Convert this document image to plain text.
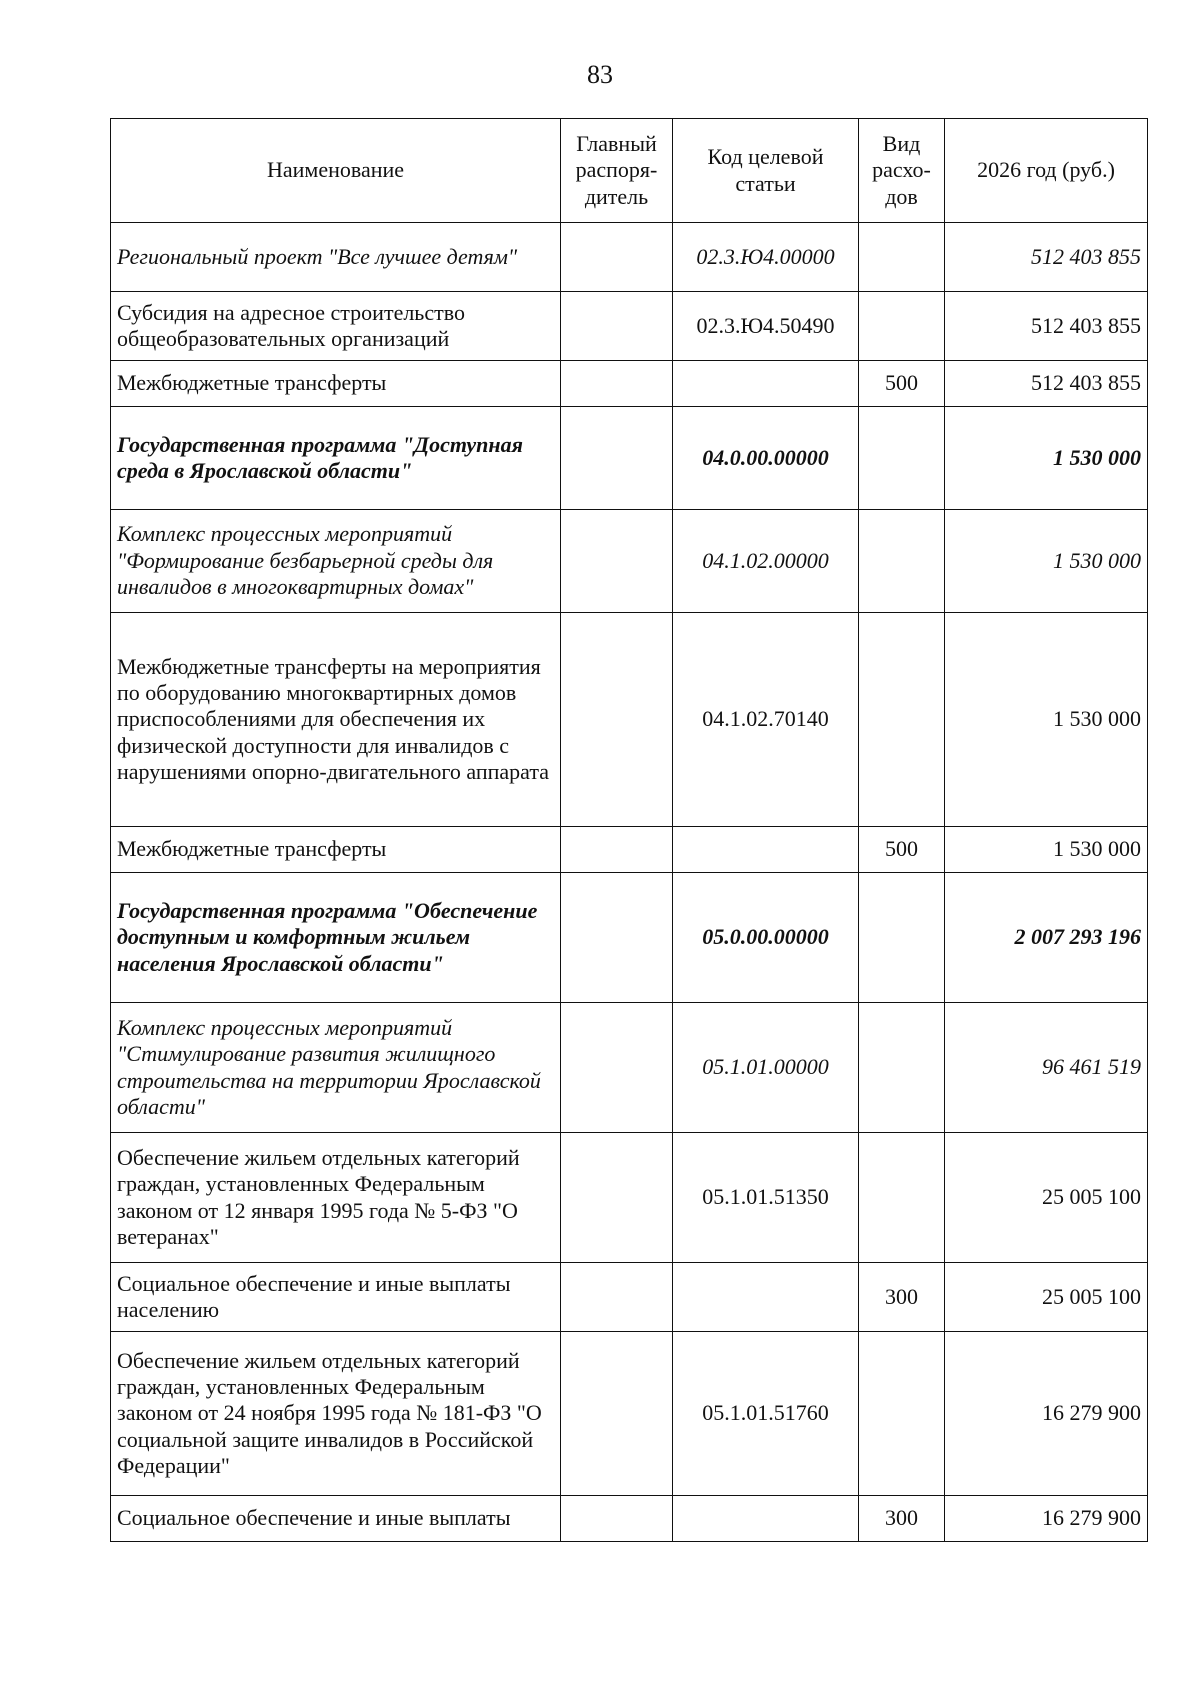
83
Наименование	Главный распоря-дитель	Код целевой статьи	Вид расхо-дов	2026 год (руб.)
Региональный проект "Все лучшее детям"		02.3.Ю4.00000		512 403 855
Субсидия на адресное строительство общеобразовательных организаций		02.3.Ю4.50490		512 403 855
Межбюджетные трансферты			500	512 403 855
Государственная программа "Доступная среда в Ярославской области"		04.0.00.00000		1 530 000
Комплекс процессных мероприятий "Формирование безбарьерной среды для инвалидов в многоквартирных домах"		04.1.02.00000		1 530 000
Межбюджетные трансферты на мероприятия по оборудованию многоквартирных домов приспособлениями для обеспечения их физической доступности для инвалидов с нарушениями опорно-двигательного аппарата		04.1.02.70140		1 530 000
Межбюджетные трансферты			500	1 530 000
Государственная программа "Обеспечение доступным и комфортным жильем населения Ярославской области"		05.0.00.00000		2 007 293 196
Комплекс процессных мероприятий "Стимулирование развития жилищного строительства на территории Ярославской области"		05.1.01.00000		96 461 519
Обеспечение жильем отдельных категорий граждан, установленных Федеральным законом от 12 января 1995 года № 5-ФЗ "О ветеранах"		05.1.01.51350		25 005 100
Социальное обеспечение и иные выплаты населению			300	25 005 100
Обеспечение жильем отдельных категорий граждан, установленных Федеральным законом от 24 ноября 1995 года № 181-ФЗ "О социальной защите инвалидов в Российской Федерации"		05.1.01.51760		16 279 900
Социальное обеспечение и иные выплаты			300	16 279 900
